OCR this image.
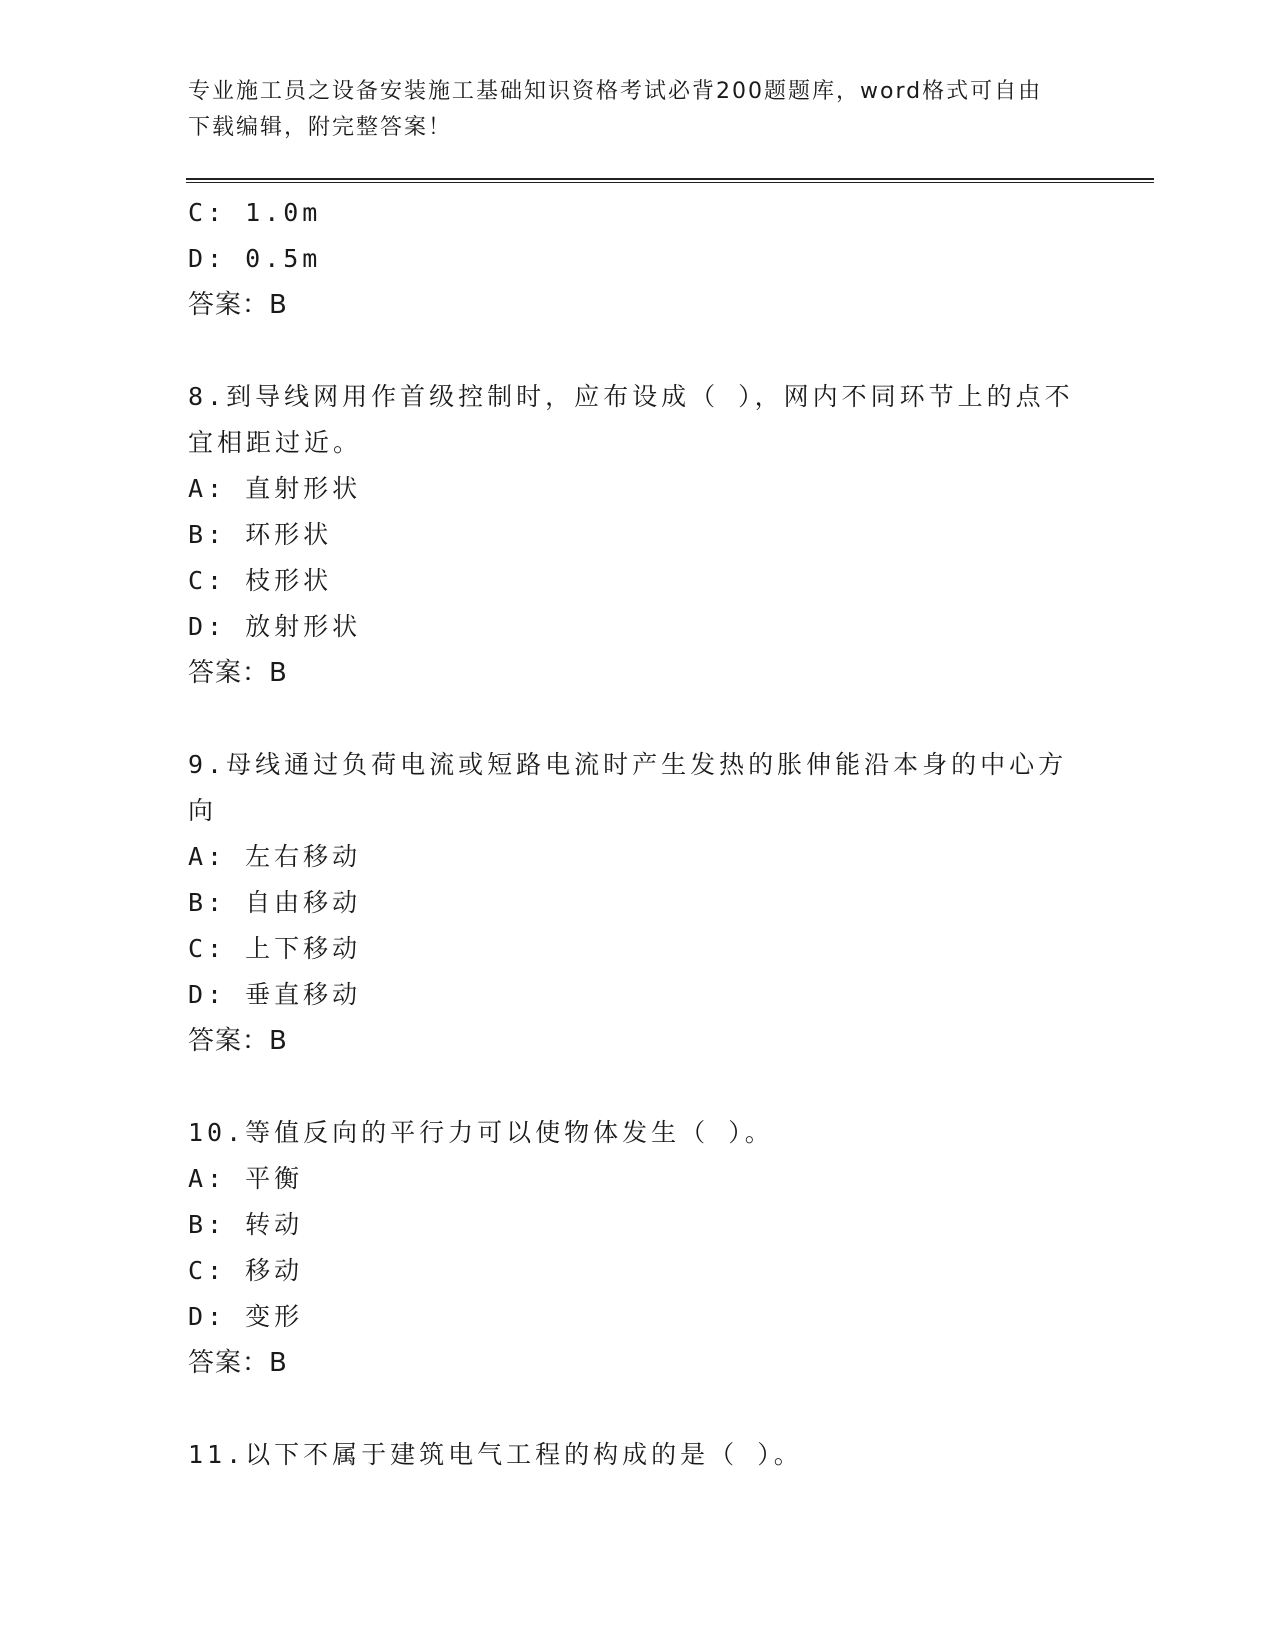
专业施工员之设备安装施工基础知识资格考试必背200题题库，word格式可自由
下载编辑，附完整答案！
C: 1.0m
D: 0.5m
答案：B
8.到导线网用作首级控制时，应布设成（ ），网内不同环节上的点不
宜相距过近。
A: 直射形状
B: 环形状
C: 枝形状
D: 放射形状
答案：B
9.母线通过负荷电流或短路电流时产生发热的胀伸能沿本身的中心方
向
A: 左右移动
B: 自由移动
C: 上下移动
D: 垂直移动
答案：B
10.等值反向的平行力可以使物体发生（ ）。
A: 平衡
B: 转动
C: 移动
D: 变形
答案：B
11.以下不属于建筑电气工程的构成的是（ ）。
